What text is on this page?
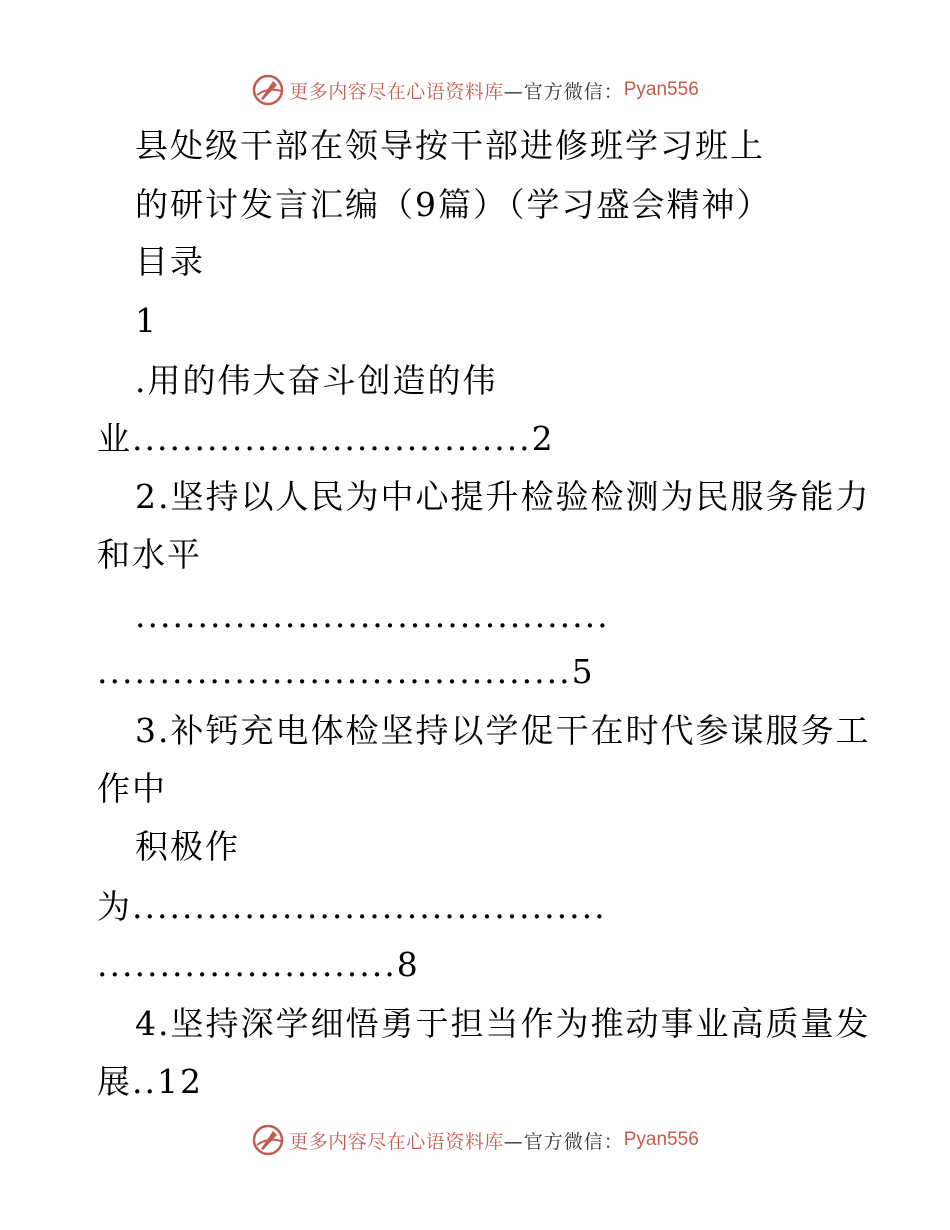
更多内容尽在心语资料库 —官方微信： Pyan556
县处级干部在领导按干部进修班学习班上
的研讨发言汇编（9篇）（学习盛会精神）
目录
1
.用的伟大奋斗创造的伟
业................................2
2.坚持以人民为中心提升检验检测为民服务能力
和水平
......................................
......................................5
3.补钙充电体检坚持以学促干在时代参谋服务工
作中
积极作
为......................................
........................8
4.坚持深学细悟勇于担当作为推动事业高质量发
展..12
更多内容尽在心语资料库 —官方微信： Pyan556
